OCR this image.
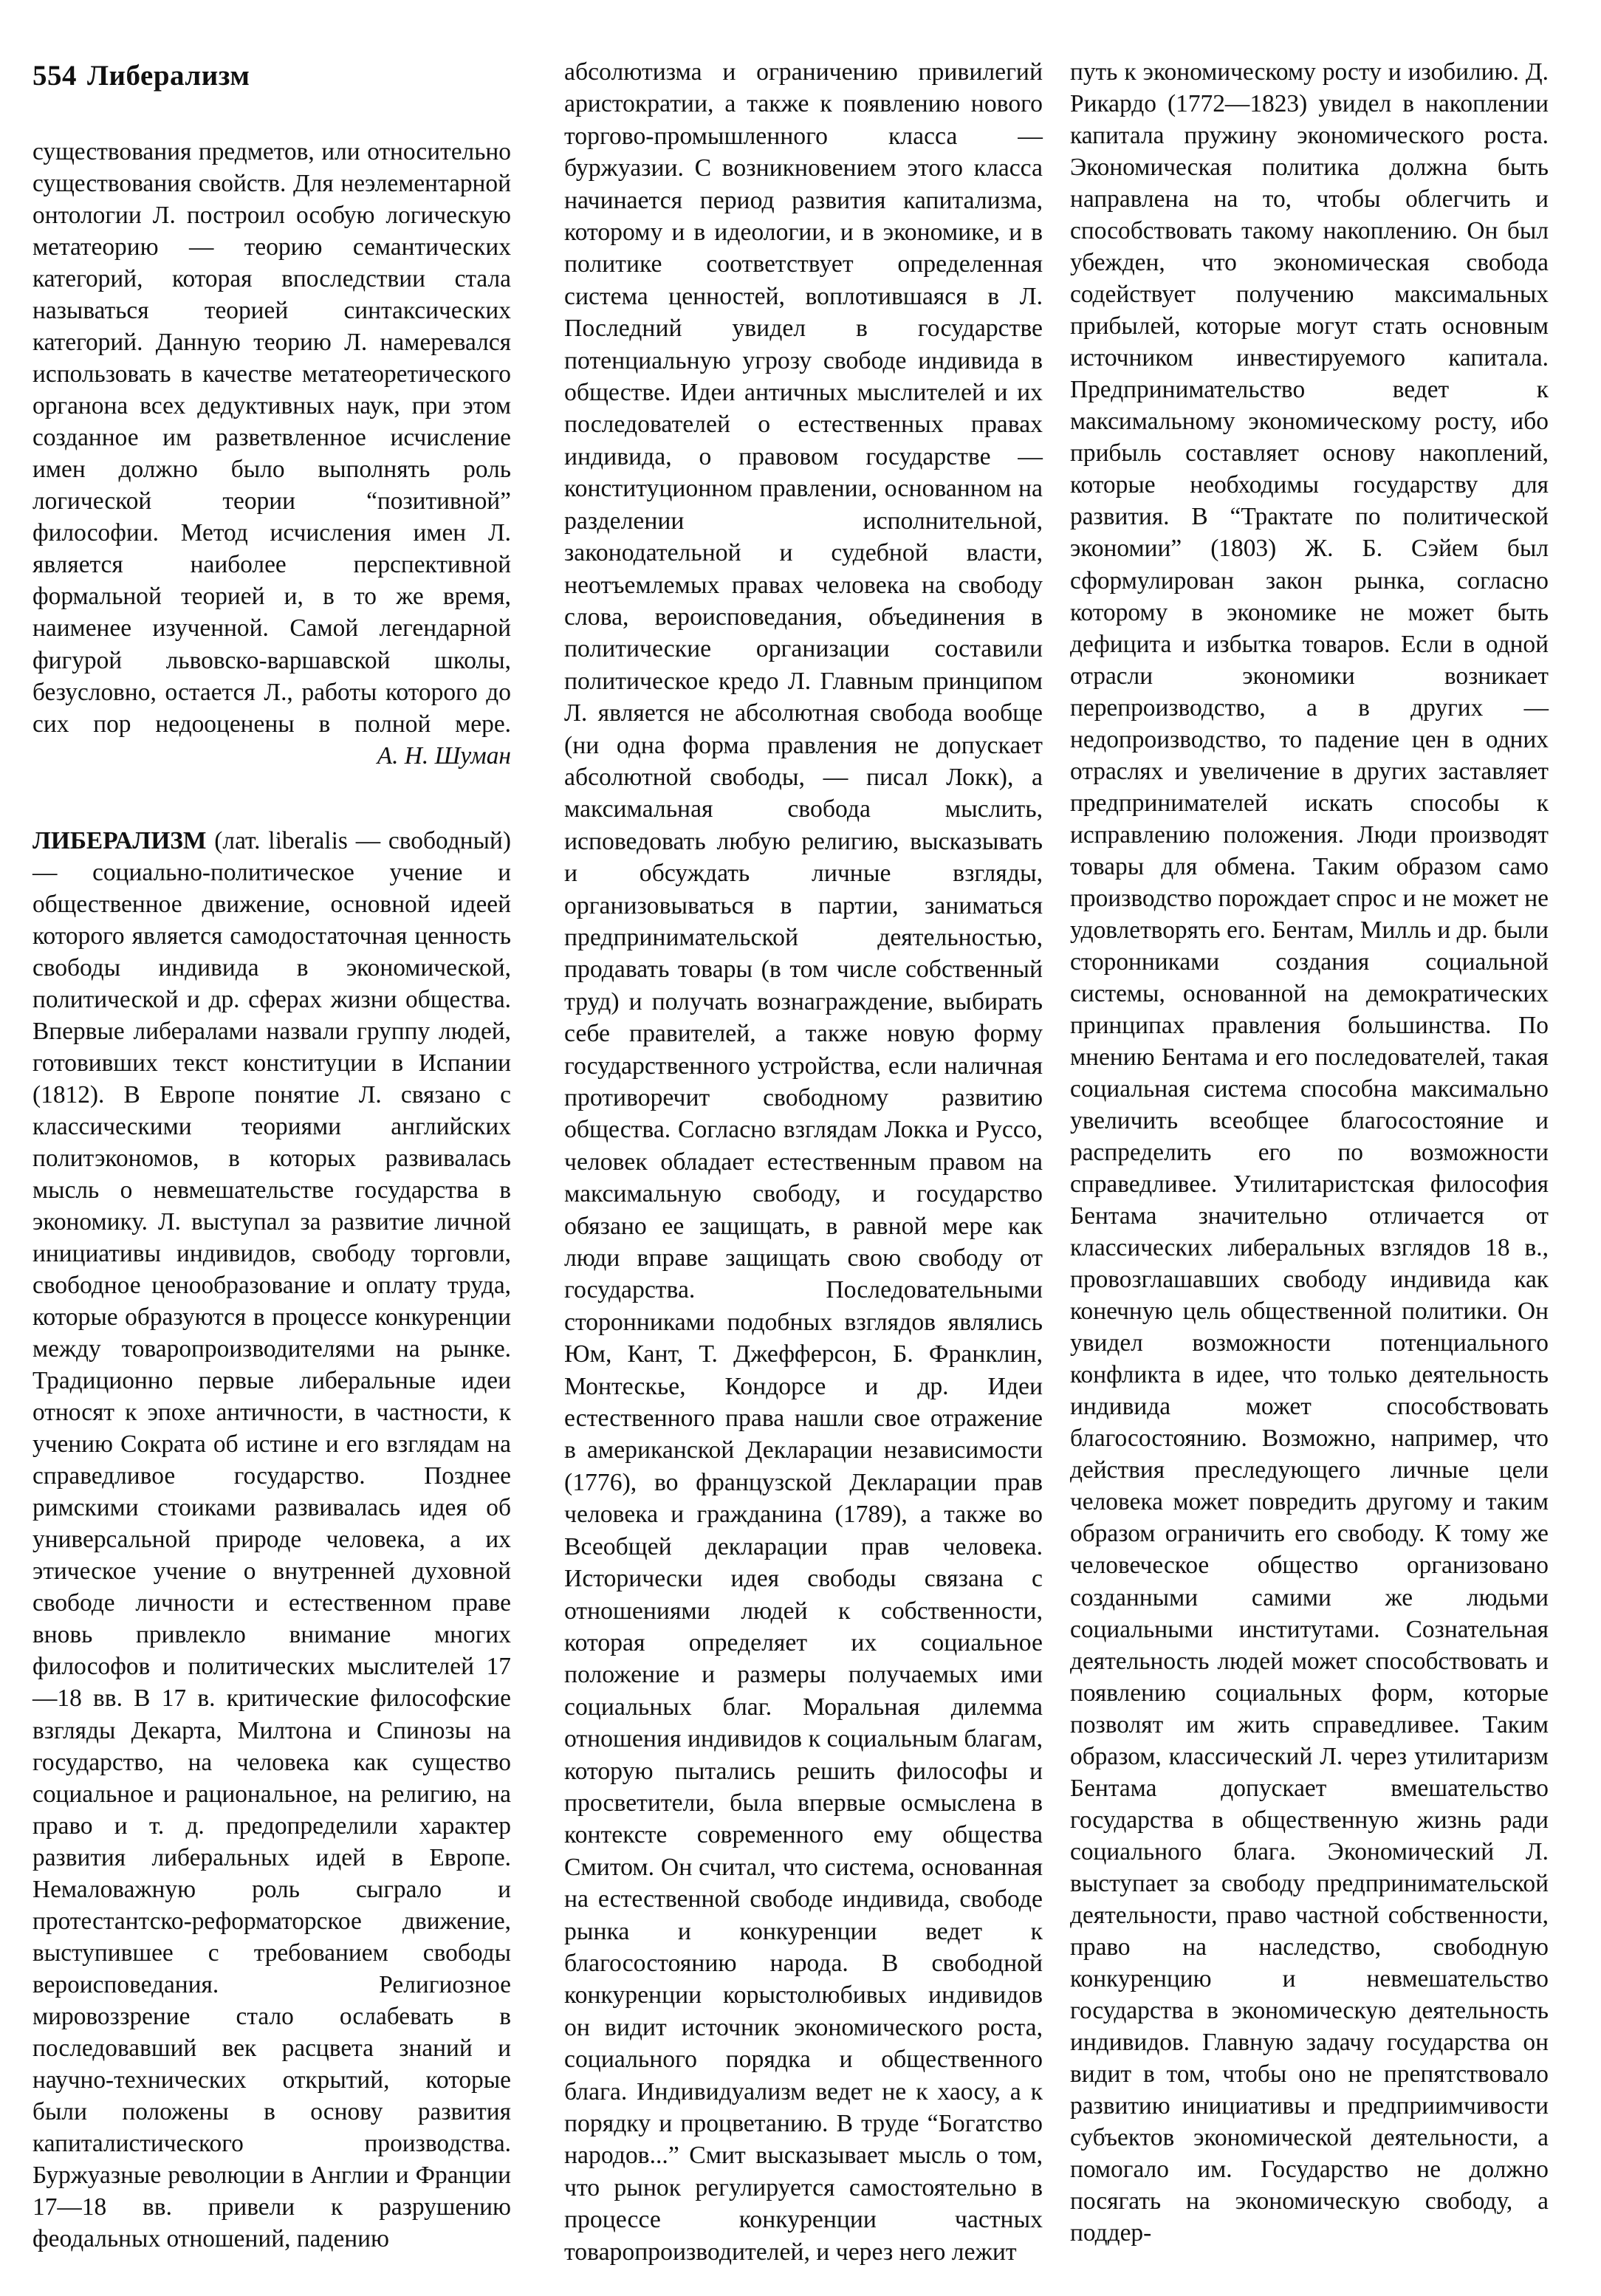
554 Либерализм

существования предметов, или относительно существования свойств. Для неэлементарной онтологии Л. построил особую логическую метатеорию — теорию семантических категорий, которая впоследствии стала называться теорией синтаксических категорий. Данную теорию Л. намеревался использовать в качестве метатеоретического органона всех дедуктивных наук, при этом созданное им разветвленное исчисление имен должно было выполнять роль логической теории “позитивной” философии. Метод исчисления имен Л. является наиболее перспективной формальной теорией и, в то же время, наименее изученной. Самой легендарной фигурой львовско-варшавской школы, безусловно, остается Л., работы которого до сих пор недооценены в полной мере.

А. Н. Шуман

ЛИБЕРАЛИЗМ (лат. liberalis — свободный) — социально-политическое учение и общественное движение, основной идеей которого является самодостаточная ценность свободы индивида в экономической, политической и др. сферах жизни общества. Впервые либералами назвали группу людей, готовивших текст конституции в Испании (1812). В Европе понятие Л. связано с классическими теориями английских политэкономов, в которых развивалась мысль о невмешательстве государства в экономику. Л. выступал за развитие личной инициативы индивидов, свободу торговли, свободное ценообразование и оплату труда, которые образуются в процессе конкуренции между товаропроизводителями на рынке. Традиционно первые либеральные идеи относят к эпохе античности, в частности, к учению Сократа об истине и его взглядам на справедливое государство. Позднее римскими стоиками развивалась идея об универсальной природе человека, а их этическое учение о внутренней духовной свободе личности и естественном праве вновь привлекло внимание многих философов и политических мыслителей 17—18 вв. В 17 в. критические философские взгляды Декарта, Милтона и Спинозы на государство, на человека как существо социальное и рациональное, на религию, на право и т. д. предопределили характер развития либеральных идей в Европе. Немаловажную роль сыграло и протестантско-реформаторское движение, выступившее с требованием свободы вероисповедания. Религиозное мировоззрение стало ослабевать в последовавший век расцвета знаний и научно-технических открытий, которые были положены в основу развития капиталистического производства. Буржуазные революции в Англии и Франции 17—18 вв. привели к разрушению феодальных отношений, падению

абсолютизма и ограничению привилегий аристократии, а также к появлению нового торгово-промышленного класса — буржуазии. С возникновением этого класса начинается период развития капитализма, которому и в идеологии, и в экономике, и в политике соответствует определенная система ценностей, воплотившаяся в Л. Последний увидел в государстве потенциальную угрозу свободе индивида в обществе. Идеи античных мыслителей и их последователей о естественных правах индивида, о правовом государстве — конституционном правлении, основанном на разделении исполнительной, законодательной и судебной власти, неотъемлемых правах человека на свободу слова, вероисповедания, объединения в политические организации составили политическое кредо Л. Главным принципом Л. является не абсолютная свобода вообще (ни одна форма правления не допускает абсолютной свободы, — писал Локк), а максимальная свобода мыслить, исповедовать любую религию, высказывать и обсуждать личные взгляды, организовываться в партии, заниматься предпринимательской деятельностью, продавать товары (в том числе собственный труд) и получать вознаграждение, выбирать себе правителей, а также новую форму государственного устройства, если наличная противоречит свободному развитию общества. Согласно взглядам Локка и Руссо, человек обладает естественным правом на максимальную свободу, и государство обязано ее защищать, в равной мере как люди вправе защищать свою свободу от государства. Последовательными сторонниками подобных взглядов являлись Юм, Кант, Т. Джефферсон, Б. Франклин, Монтескье, Кондорсе и др. Идеи естественного права нашли свое отражение в американской Декларации независимости (1776), во французской Декларации прав человека и гражданина (1789), а также во Всеобщей декларации прав человека. Исторически идея свободы связана с отношениями людей к собственности, которая определяет их социальное положение и размеры получаемых ими социальных благ. Моральная дилемма отношения индивидов к социальным благам, которую пытались решить философы и просветители, была впервые осмыслена в контексте современного ему общества Смитом. Он считал, что система, основанная на естественной свободе индивида, свободе рынка и конкуренции ведет к благосостоянию народа. В свободной конкуренции корыстолюбивых индивидов он видит источник экономического роста, социального порядка и общественного блага. Индивидуализм ведет не к хаосу, а к порядку и процветанию. В труде “Богатство народов...” Смит высказывает мысль о том, что рынок регулируется самостоятельно в процессе конкуренции частных товаропроизводителей, и через него лежит

путь к экономическому росту и изобилию. Д. Рикардо (1772—1823) увидел в накоплении капитала пружину экономического роста. Экономическая политика должна быть направлена на то, чтобы облегчить и способствовать такому накоплению. Он был убежден, что экономическая свобода содействует получению максимальных прибылей, которые могут стать основным источником инвестируемого капитала. Предпринимательство ведет к максимальному экономическому росту, ибо прибыль составляет основу накоплений, которые необходимы государству для развития. В “Трактате по политической экономии” (1803) Ж. Б. Сэйем был сформулирован закон рынка, согласно которому в экономике не может быть дефицита и избытка товаров. Если в одной отрасли экономики возникает перепроизводство, а в других — недопроизводство, то падение цен в одних отраслях и увеличение в других заставляет предпринимателей искать способы к исправлению положения. Люди производят товары для обмена. Таким образом само производство порождает спрос и не может не удовлетворять его. Бентам, Милль и др. были сторонниками создания социальной системы, основанной на демократических принципах правления большинства. По мнению Бентама и его последователей, такая социальная система способна максимально увеличить всеобщее благосостояние и распределить его по возможности справедливее. Утилитаристская философия Бентама значительно отличается от классических либеральных взглядов 18 в., провозглашавших свободу индивида как конечную цель общественной политики. Он увидел возможности потенциального конфликта в идее, что только деятельность индивида может способствовать благосостоянию. Возможно, например, что действия преследующего личные цели человека может повредить другому и таким образом ограничить его свободу. К тому же человеческое общество организовано созданными самими же людьми социальными институтами. Сознательная деятельность людей может способствовать и появлению социальных форм, которые позволят им жить справедливее. Таким образом, классический Л. через утилитаризм Бентама допускает вмешательство государства в общественную жизнь ради социального блага. Экономический Л. выступает за свободу предпринимательской деятельности, право частной собственности, право на наследство, свободную конкуренцию и невмешательство государства в экономическую деятельность индивидов. Главную задачу государства он видит в том, чтобы оно не препятствовало развитию инициативы и предприимчивости субъектов экономической деятельности, а помогало им. Государство не должно посягать на экономическую свободу, а поддер-
